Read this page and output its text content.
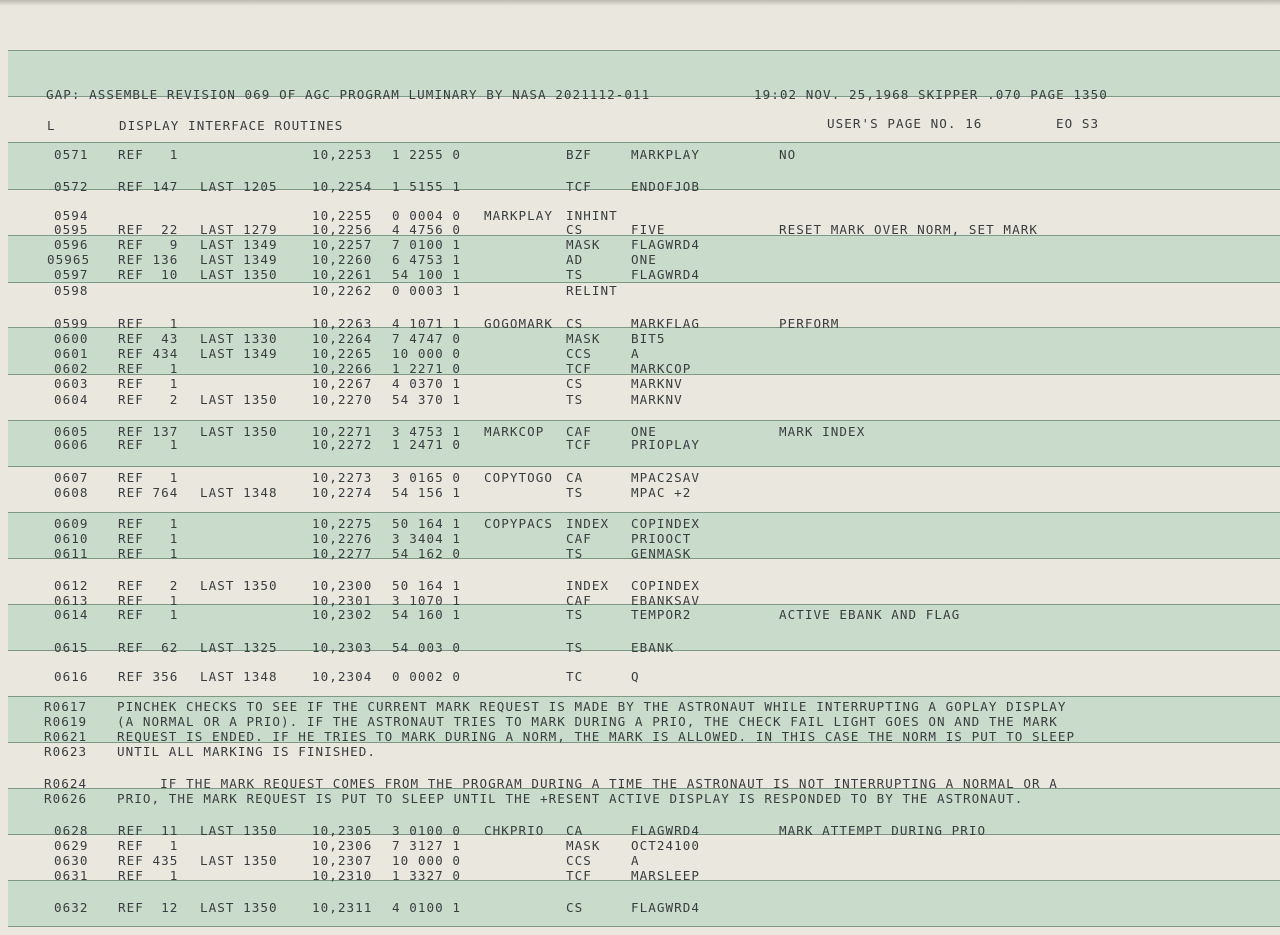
GAP: ASSEMBLE REVISION 069 OF AGC PROGRAM LUMINARY BY NASA 2021112-011	19:02 NOV. 25,1968 SKIPPER .070 PAGE 1350
L	DISPLAY INTERFACE ROUTINES	USER'S PAGE NO. 16	EO S3
0571 REF   1	10,2253 1 2255 0	BZF	MARKPLAY	NO
0572 REF 147 LAST 1205	10,2254 1 5155 1	TCF	ENDOFJOB
0594	10,2255 0 0004 0 MARKPLAY INHINT
0595 REF  22 LAST 1279	10,2256 4 4756 0	CS	FIVE	RESET MARK OVER NORM, SET MARK
0596 REF   9 LAST 1349	10,2257 7 0100 1	MASK FLAGWRD4
05965 REF 136 LAST 1349	10,2260 6 4753 1	AD	ONE
0597 REF  10 LAST 1350	10,2261 54 100 1	TS	FLAGWRD4
0598	10,2262 0 0003 1	RELINT
0599 REF   1	10,2263 4 1071 1 GOGOMARK CS	MARKFLAG	PERFORM
0600 REF  43 LAST 1330	10,2264 7 4747 0	MASK BIT5
0601 REF 434 LAST 1349	10,2265 10 000 0	CCS	A
0602 REF   1	10,2266 1 2271 0	TCF	MARKCOP
0603 REF   1	10,2267 4 0370 1	CS	MARKNV
0604 REF   2 LAST 1350	10,2270 54 370 1	TS	MARKNV
0605 REF 137 LAST 1350	10,2271 3 4753 1 MARKCOP CAF	ONE	MARK INDEX
0606 REF   1	10,2272 1 2471 0	TCF	PRIOPLAY
0607 REF   1	10,2273 3 0165 0 COPYTOGO CA	MPAC2SAV
0608 REF 764 LAST 1348	10,2274 54 156 1	TS	MPAC +2
0609 REF   1	10,2275 50 164 1 COPYPACS INDEX COPINDEX
0610 REF   1	10,2276 3 3404 1	CAF	PRIOOCT
0611 REF   1	10,2277 54 162 0	TS	GENMASK
0612 REF   2 LAST 1350	10,2300 50 164 1	INDEX COPINDEX
0613 REF   1	10,2301 3 1070 1	CAF	EBANKSAV
0614 REF   1	10,2302 54 160 1	TS	TEMPOR2	ACTIVE EBANK AND FLAG
0615 REF  62 LAST 1325	10,2303 54 003 0	TS	EBANK
0616 REF 356 LAST 1348	10,2304 0 0002 0	TC	Q
0628 REF  11 LAST 1350	10,2305 3 0100 0 CHKPRIO CA	FLAGWRD4	MARK ATTEMPT DURING PRIO
0629 REF   1	10,2306 7 3127 1	MASK OCT24100
0630 REF 435 LAST 1350	10,2307 10 000 0	CCS	A
0631 REF   1	10,2310 1 3327 0	TCF	MARSLEEP
0632 REF  12 LAST 1350	10,2311 4 0100 1	CS	FLAGWRD4
R0617 PINCHEK CHECKS TO SEE IF THE CURRENT MARK REQUEST IS MADE BY THE ASTRONAUT WHILE INTERRUPTING A GOPLAY DISPLAY
R0619 (A NORMAL OR A PRIO). IF THE ASTRONAUT TRIES TO MARK DURING A PRIO, THE CHECK FAIL LIGHT GOES ON AND THE MARK
R0621 REQUEST IS ENDED. IF HE TRIES TO MARK DURING A NORM, THE MARK IS ALLOWED. IN THIS CASE THE NORM IS PUT TO SLEEP
R0623 UNTIL ALL MARKING IS FINISHED.
R0624 IF THE MARK REQUEST COMES FROM THE PROGRAM DURING A TIME THE ASTRONAUT IS NOT INTERRUPTING A NORMAL OR A
R0626 PRIO, THE MARK REQUEST IS PUT TO SLEEP UNTIL THE +RESENT ACTIVE DISPLAY IS RESPONDED TO BY THE ASTRONAUT.
